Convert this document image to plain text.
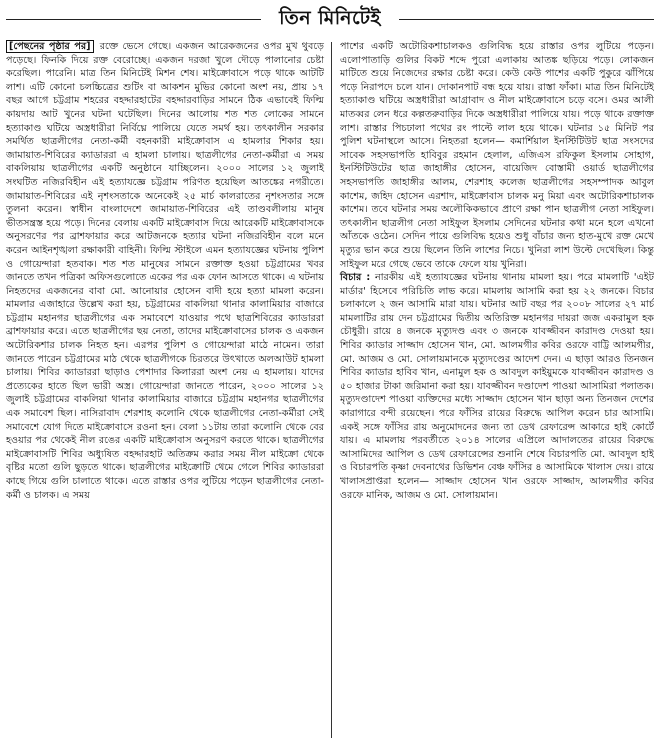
তিন মিনিটেই

[পেছনের পৃষ্ঠার পর] রক্তে ভেসে গেছে। একজন আরেকজনের ওপর মুখ থুবড়ে পড়েছে। ফিনকি দিয়ে রক্ত বেরোচ্ছে। একজন দরজা খুলে দৌড়ে পালানোর চেষ্টা করেছিল। পারেনি। মাত্র তিন মিনিটেই মিশন শেষ। মাইক্রোবাসে পড়ে থাকে আটটি লাশ। এটি কোনো চলচ্চিত্রের শুটিং বা আকশন মুভির কোনো অংশ নয়, প্রায় ১৭ বছর আগে চট্টগ্রাম শহরের বহদ্দারহাটের বহদ্দারবাড়ির সামনে ঠিক এভাবেই ফিল্মি কায়দায় আট খুনের ঘটনা ঘটেছিল। দিনের আলোয় শত শত লোকের সামনে হত্যাকাণ্ড ঘটিয়ে অস্ত্রধারীরা নির্বিঘ্নে পালিয়ে যেতে সমর্থ হয়। তৎকালীন সরকার সমর্থিত ছাত্রলীগের নেতা-কর্মী বহনকারী মাইক্রোবাস এ হামলার শিকার হয়। জামায়াত-শিবিরের ক্যাডাররা এ হামলা চালায়। ছাত্রলীগের নেতা-কর্মীরা এ সময় বাকলিয়ায় ছাত্রলীগের একটি অনুষ্ঠানে যাচ্ছিলেন। ২০০০ সালের ১২ জুলাই সংঘটিত নজিরবিহীন এই হত্যাযজ্ঞে চট্টগ্রাম পরিণত হয়েছিল আতঙ্কের নগরীতে। জামায়াত-শিবিরের এই নৃশংসতাকে অনেকেই ২৫ মার্চ কালরাতের নৃশংসতার সঙ্গে তুলনা করেন। স্বাধীন বাংলাদেশে জামায়াত-শিবিরের এই তাণ্ডবলীলায় মানুষ ভীতসন্ত্রস্ত হয়ে পড়ে। দিনের বেলায় একটি মাইক্রোবাস দিয়ে আরেকটি মাইক্রোবাসকে অনুসরণের পর ব্রাশফায়ার করে আটজনকে হত্যার ঘটনা নজিরবিহীন বলে মনে করেন আইনশৃঙ্খলা রক্ষাকারী বাহিনী। ফিল্মি স্টাইলে এমন হত্যাযজ্ঞের ঘটনায় পুলিশ ও গোয়েন্দারা হতবাক। শত শত মানুষের সামনে রক্তাক্ত হওয়া চট্টগ্রামের খবর জানতে তখন পত্রিকা অফিসগুলোতে একের পর এক ফোন আসতে থাকে। এ ঘটনায় নিহতদের একজনের বাবা মো. আনোয়ার হোসেন বাদী হয়ে হত্যা মামলা করেন। মামলার এজাহারে উল্লেখ করা হয়, চট্টগ্রামের বাকলিয়া থানার কালামিয়ার বাজারে চট্টগ্রাম মহানগর ছাত্রলীগের এক সমাবেশে যাওয়ার পথে ছাত্রশিবিরের ক্যাডাররা ব্রাশফায়ার করে। এতে ছাত্রলীগের ছয় নেতা, তাদের মাইক্রোবাসের চালক ও একজন অটোরিকশার চালক নিহত হন। এরপর পুলিশ ও গোয়েন্দারা মাঠে নামেন। তারা জানতে পারেন চট্টগ্রামের মাঠ থেকে ছাত্রলীগকে চিরতরে উৎখাতে অলআউট হামলা চালায়। শিবির ক্যাডাররা ছাড়াও পেশাদার কিলাররা অংশ নেয় এ হামলায়। যাদের প্রত্যেকের হাতে ছিল ভারী অস্ত্র। গোয়েন্দারা জানতে পারেন, ২০০০ সালের ১২ জুলাই চট্টগ্রামের বাকলিয়া থানার কালামিয়ার বাজারে চট্টগ্রাম মহানগর ছাত্রলীগের এক সমাবেশ ছিল। নাসিরাবাদ শেরশাহ কলোনি থেকে ছাত্রলীগের নেতা-কর্মীরা সেই সমাবেশে যোগ দিতে মাইক্রোবাসে রওনা হন। বেলা ১১টায় তারা কলোনি থেকে বের হওয়ার পর থেকেই নীল রঙের একটি মাইক্রোবাস অনুসরণ করতে থাকে। ছাত্রলীগের মাইক্রোবাসটি শিবির অধ্যুষিত বহদ্দারহাট অতিক্রম করার সময় নীল মাইক্রো থেকে বৃষ্টির মতো গুলি ছুড়তে থাকে। ছাত্রলীগের মাইক্রোটি থেমে গেলে শিবির ক্যাডাররা কাছে গিয়ে গুলি চালাতে থাকে। এতে রাস্তার ওপর লুটিয়ে পড়েন ছাত্রলীগের নেতা-কর্মী ও চালক। এ সময়

পাশের একটি অটোরিকশাচালকও গুলিবিদ্ধ হয়ে রাস্তার ওপর লুটিয়ে পড়েন। এলোপাতাড়ি গুলির বিকট শব্দে পুরো এলাকায় আতঙ্ক ছড়িয়ে পড়ে। লোকজন মাটিতে শুয়ে নিজেদের রক্ষার চেষ্টা করে। কেউ কেউ পাশের একটি পুকুরে ঝাঁপিয়ে পড়ে নিরাপদে চলে যান। দোকানপাট বন্ধ হয়ে যায়। রাস্তা ফাঁকা। মাত্র তিন মিনিটেই হত্যাকাণ্ড ঘটিয়ে অস্ত্রধারীরা আগ্রাবাদ ও নীল মাইক্রোবাসে চড়ে বসে। ওমর আলী মাতব্বর লেন ধরে কল্পতরুবাড়ির দিকে অস্ত্রধারীরা পালিয়ে যায়। পড়ে থাকে রক্তাক্ত লাশ। রাস্তার পিচঢালা পথের রং পাল্টে লাল হয়ে থাকে। ঘটনার ১৫ মিনিট পর পুলিশ ঘটনাস্থলে আসে। নিহতরা হলেন— কমার্শিয়াল ইনস্টিটিউট ছাত্র সংসদের সাবেক সহসভাপতি হাবিবুর রহমান হেলাল, এজিএস রফিকুল ইসলাম সোহাগ, ইনস্টিটিউটের ছাত্র জাহাঙ্গীর হোসেন, বায়েজিদ বোস্তামী ওয়ার্ড ছাত্রলীগের সহসভাপতি জাহাঙ্গীর আলম, শেরশাহ কলেজ ছাত্রলীগের সহসম্পাদক আবুল কাশেম, জহিদ হোসেন এরশাদ, মাইক্রোবাস চালক মনু মিয়া এবং অটোরিকশাচালক কাশেম। তবে ঘটনার সময় অলৌকিকভাবে প্রাণে রক্ষা পান ছাত্রলীগ নেতা সাইফুল। তৎকালীন ছাত্রলীগ নেতা সাইফুল ইসলাম সেদিনের ঘটনার কথা মনে হলে এখনো আঁতকে ওঠেন। সেদিন পায়ে গুলিবিদ্ধ হয়েও শুধু বাঁচার জন্য হাত-মুখে রক্ত মেখে মৃত্যুর ভান করে শুয়ে ছিলেন তিনি লাশের নিচে। খুনিরা লাশ উল্টে দেখেছিল। কিন্তু সাইফুল মরে গেছে ভেবে তাকে ফেলে যায় খুনিরা।

বিচার : নারকীয় এই হত্যাযজ্ঞের ঘটনায় থানায় মামলা হয়। পরে মামলাটি 'এইট মার্ডার' হিসেবে পরিচিতি লাভ করে। মামলায় আসামি করা হয় ২২ জনকে। বিচার চলাকালে ২ জন আসামি মারা যায়। ঘটনার আট বছর পর ২০০৮ সালের ২৭ মার্চ মামলাটির রায় দেন চট্টগ্রামের দ্বিতীয় অতিরিক্ত মহানগর দায়রা জজ একরামুল হক চৌধুরী। রায়ে ৪ জনকে মৃত্যুদণ্ড এবং ৩ জনকে যাবজ্জীবন কারাদণ্ড দেওয়া হয়। শিবির ক্যাডার সাজ্জাদ হোসেন খান, মো. আলমগীর কবির ওরফে বাট্টি আলমগীর, মো. আজম ও মো. সোলায়মানকে মৃত্যুদণ্ডের আদেশ দেন। এ ছাড়া আরও তিনজন শিবির ক্যাডার হাবিব খান, এনামুল হক ও আবদুল কাইয়ুমকে যাবজ্জীবন কারাদণ্ড ও ৫০ হাজার টাকা জরিমানা করা হয়। যাবজ্জীবন দণ্ডাদেশ পাওয়া আসামিরা পলাতক। মৃত্যুদণ্ডাদেশ পাওয়া ব্যক্তিদের মধ্যে সাজ্জাদ হোসেন খান ছাড়া অন্য তিনজন দেশের কারাগারে বন্দী রয়েছেন। পরে ফাঁসির রায়ের বিরুদ্ধে আপিল করেন চার আসামি। একই সঙ্গে ফাঁসির রায় অনুমোদনের জন্য তা ডেথ রেফারেন্স আকারে হাই কোর্টে যায়। এ মামলায় পরবর্তীতে ২০১৪ সালের এপ্রিলে আদালতের রায়ের বিরুদ্ধে আসামিদের আপিল ও ডেথ রেফারেন্সের শুনানি শেষে বিচারপতি মো. আবদুল হাই ও বিচারপতি কৃষ্ণা দেবনাথের ডিভিশন বেঞ্চ ফাঁসির ৪ আসামিকে খালাস দেয়। রায়ে খালাসপ্রাপ্তরা হলেন— সাজ্জাদ হোসেন খান ওরফে সাজ্জাদ, আলমগীর কবির ওরফে মানিক, আজম ও মো. সোলায়মান।
